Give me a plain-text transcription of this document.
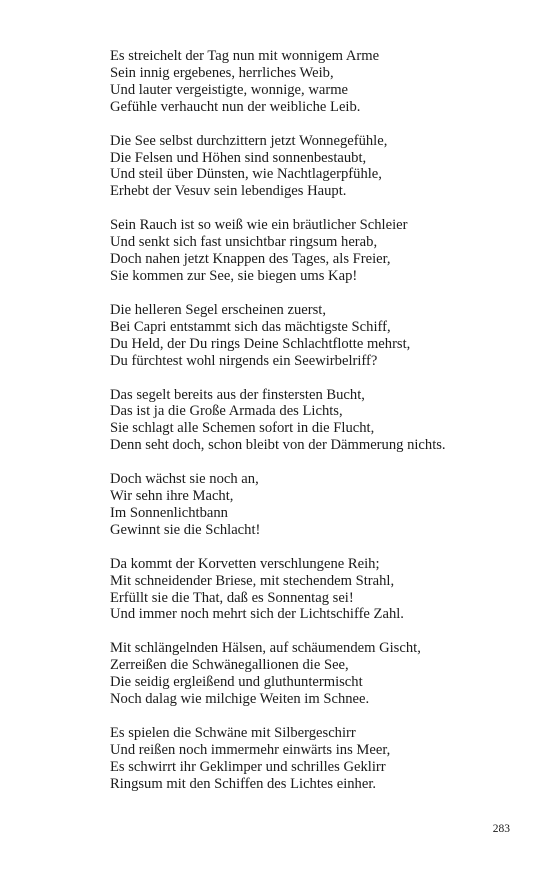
Es streichelt der Tag nun mit wonnigem Arme
Sein innig ergebenes, herrliches Weib,
Und lauter vergeistigte, wonnige, warme
Gefühle verhaucht nun der weibliche Leib.
Die See selbst durchzittern jetzt Wonnegefühle,
Die Felsen und Höhen sind sonnenbestaubt,
Und steil über Dünsten, wie Nachtlagerpfühle,
Erhebt der Vesuv sein lebendiges Haupt.
Sein Rauch ist so weiß wie ein bräutlicher Schleier
Und senkt sich fast unsichtbar ringsum herab,
Doch nahen jetzt Knappen des Tages, als Freier,
Sie kommen zur See, sie biegen ums Kap!
Die helleren Segel erscheinen zuerst,
Bei Capri entstammt sich das mächtigste Schiff,
Du Held, der Du rings Deine Schlachtflotte mehrst,
Du fürchtest wohl nirgends ein Seewirbelriff?
Das segelt bereits aus der finstersten Bucht,
Das ist ja die Große Armada des Lichts,
Sie schlagt alle Schemen sofort in die Flucht,
Denn seht doch, schon bleibt von der Dämmerung nichts.
Doch wächst sie noch an,
Wir sehn ihre Macht,
Im Sonnenlichtbann
Gewinnt sie die Schlacht!
Da kommt der Korvetten verschlungene Reih;
Mit schneidender Briese, mit stechendem Strahl,
Erfüllt sie die That, daß es Sonnentag sei!
Und immer noch mehrt sich der Lichtschiffe Zahl.
Mit schlängelnden Hälsen, auf schäumendem Gischt,
Zerreißen die Schwänegallionen die See,
Die seidig ergleißend und gluthuntermischt
Noch dalag wie milchige Weiten im Schnee.
Es spielen die Schwäne mit Silbergeschirr
Und reißen noch immermehr einwärts ins Meer,
Es schwirrt ihr Geklimper und schrilles Geklirr
Ringsum mit den Schiffen des Lichtes einher.
283
